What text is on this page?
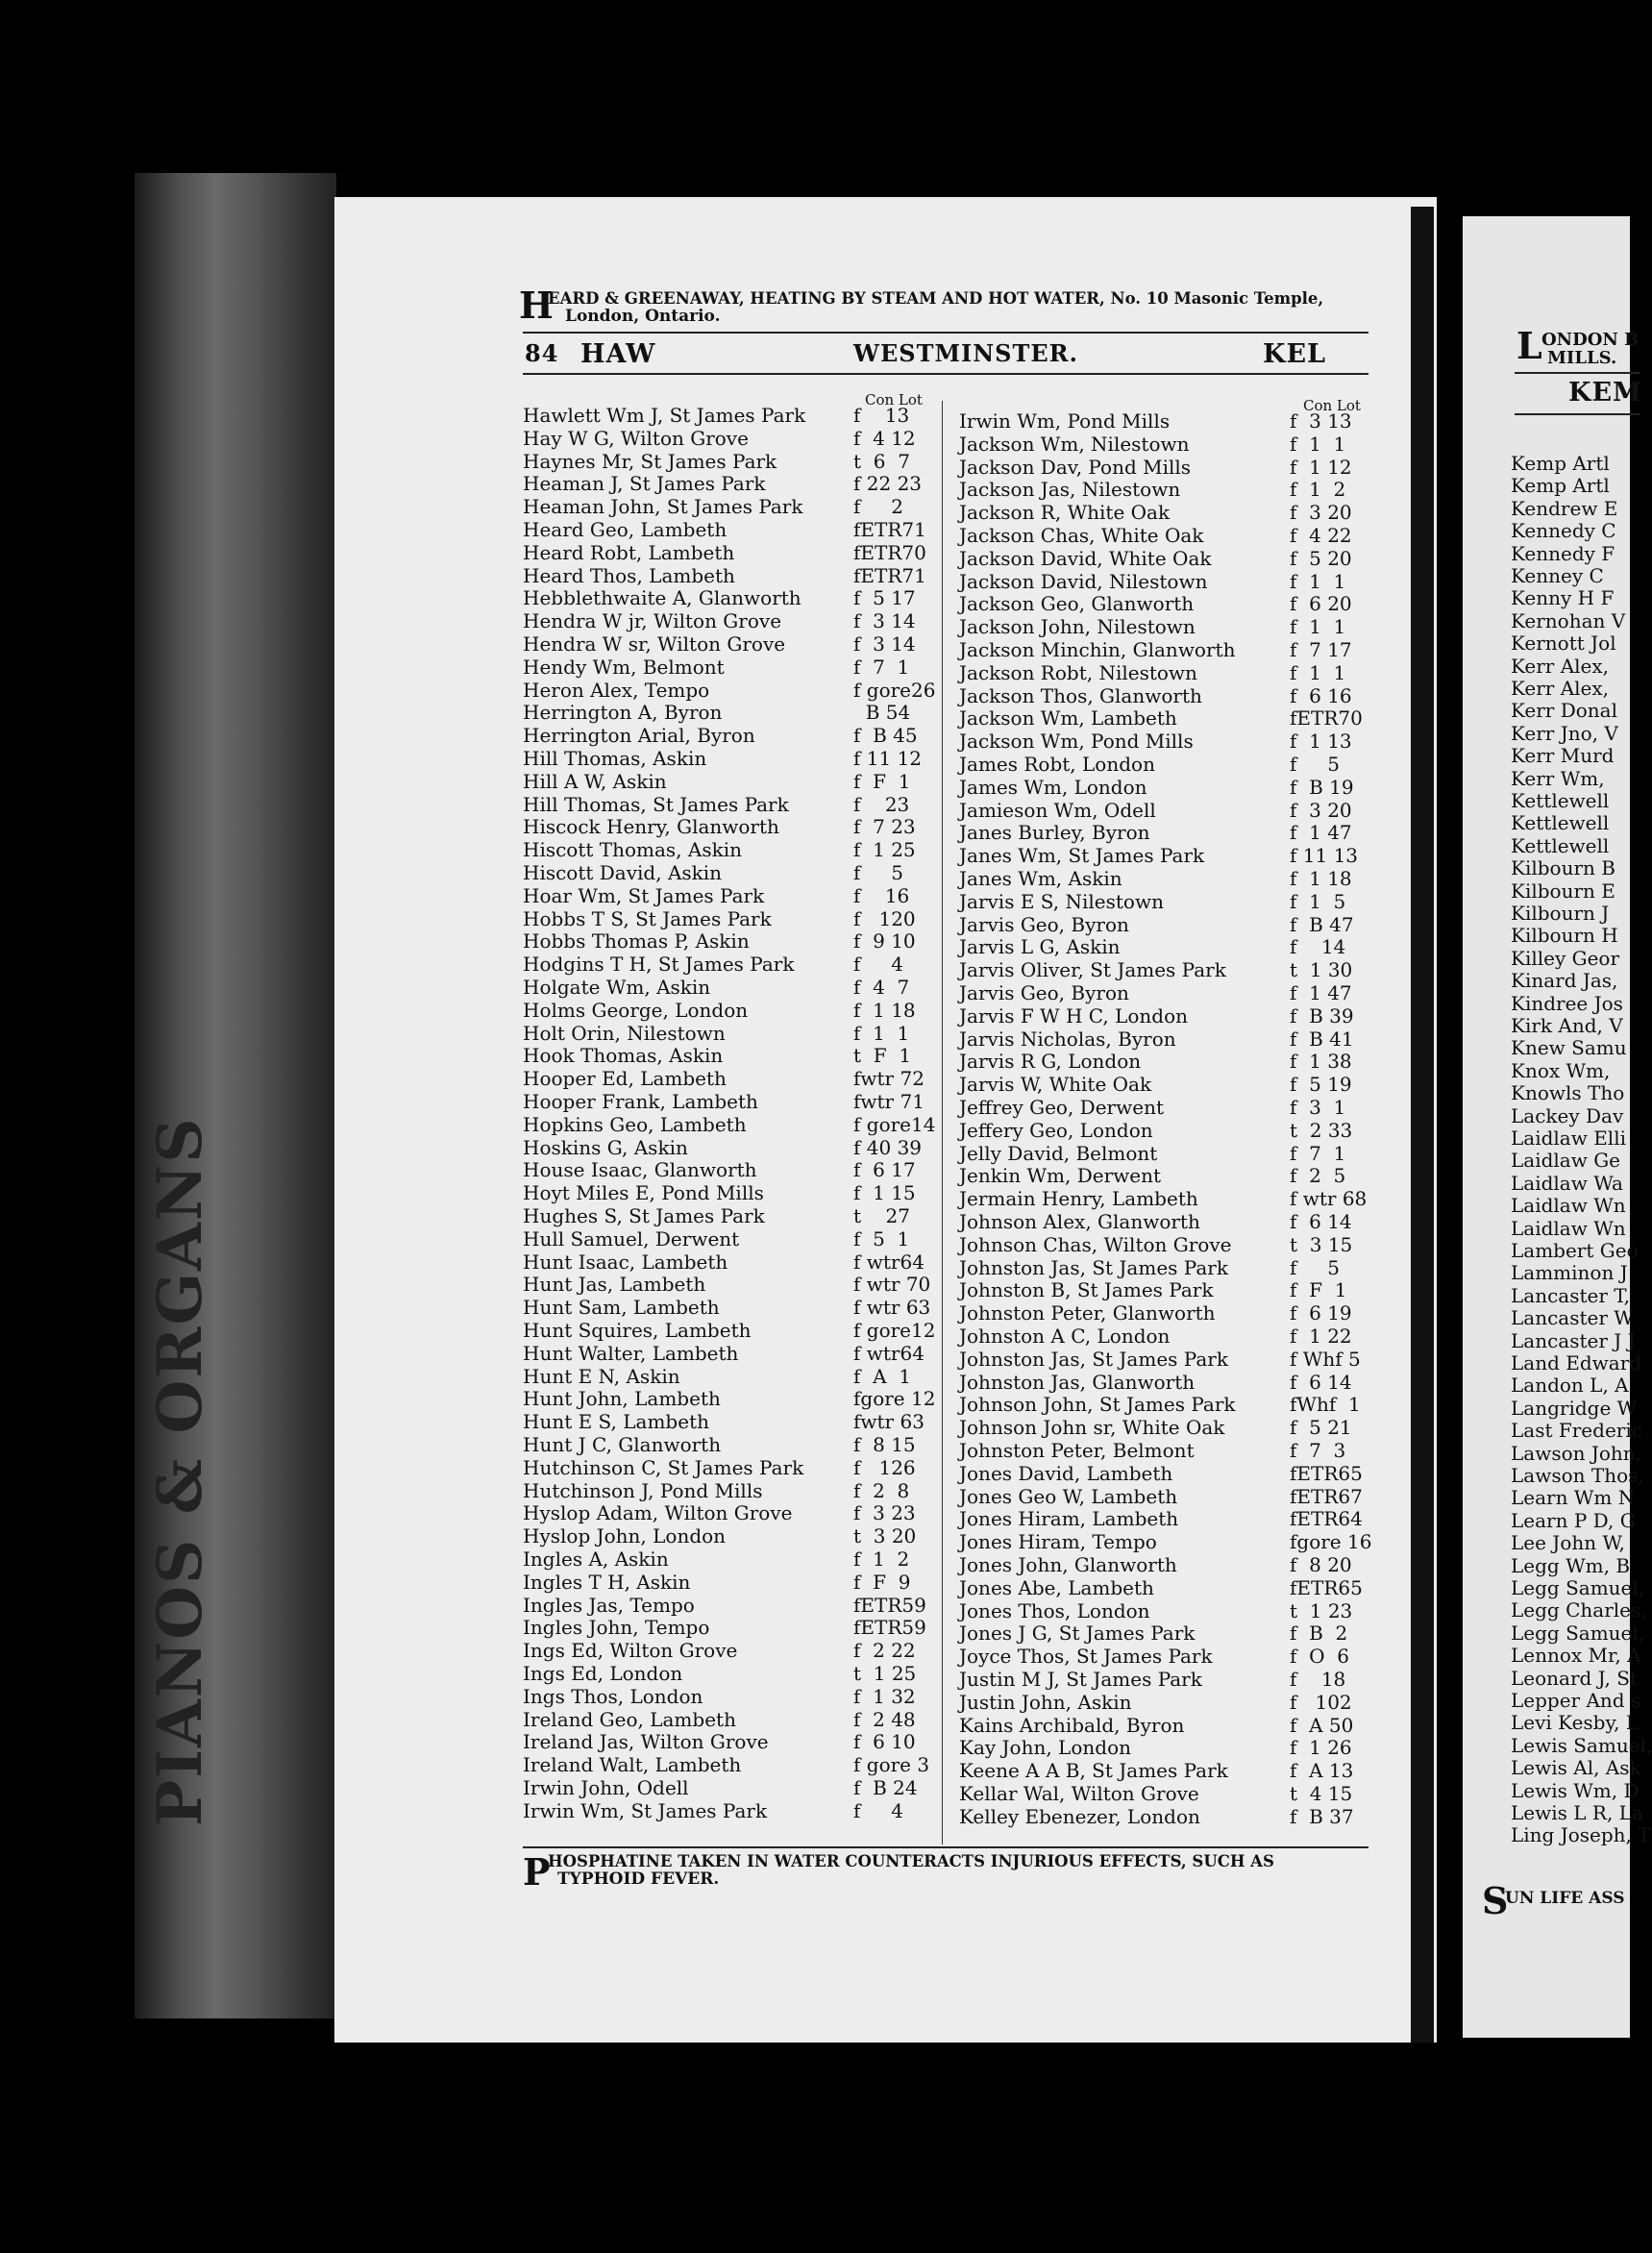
PIANOS & ORGANS
H
EARD & GREENAWAY, HEATING BY STEAM AND HOT WATER, No. 10 Masonic Temple,
London, Ontario.
84 HAW	WESTMINSTER.	KEL
Con Lot	Con Lot
Hawlett Wm J, St James Park f    13
Hay W G, Wilton Grove	f  4 12
Haynes Mr, St James Park	t  6  7
Heaman J, St James Park	f 22 23
Heaman John, St James Park	f     2
Heard Geo, Lambeth	fETR71
Heard Robt, Lambeth	fETR70
Heard Thos, Lambeth	fETR71
Hebblethwaite A, Glanworth	f  5 17
Hendra W jr, Wilton Grove	f  3 14
Hendra W sr, Wilton Grove	f  3 14
Hendy Wm, Belmont	f  7  1
Heron Alex, Tempo	f gore26
Herrington A, Byron	B 54
Herrington Arial, Byron	f  B 45
Hill Thomas, Askin	f 11 12
Hill A W, Askin	f  F  1
Hill Thomas, St James Park	f    23
Hiscock Henry, Glanworth	f  7 23
Hiscott Thomas, Askin	f  1 25
Hiscott David, Askin	f     5
Hoar Wm, St James Park	f    16
Hobbs T S, St James Park	f   120
Hobbs Thomas P, Askin	f  9 10
Hodgins T H, St James Park	f     4
Holgate Wm, Askin	f  4  7
Holms George, London	f  1 18
Holt Orin, Nilestown	f  1  1
Hook Thomas, Askin	t  F  1
Hooper Ed, Lambeth	fwtr 72
Hooper Frank, Lambeth	fwtr 71
Hopkins Geo, Lambeth	f gore14
Hoskins G, Askin	f 40 39
House Isaac, Glanworth	f  6 17
Hoyt Miles E, Pond Mills	f  1 15
Hughes S, St James Park	t    27
Hull Samuel, Derwent	f  5  1
Hunt Isaac, Lambeth	f wtr64
Hunt Jas, Lambeth	f wtr 70
Hunt Sam, Lambeth	f wtr 63
Hunt Squires, Lambeth	f gore12
Hunt Walter, Lambeth	f wtr64
Hunt E N, Askin	f  A  1
Hunt John, Lambeth	fgore 12
Hunt E S, Lambeth	fwtr 63
Hunt J C, Glanworth	f  8 15
Hutchinson C, St James Park	f   126
Hutchinson J, Pond Mills	f  2  8
Hyslop Adam, Wilton Grove	f  3 23
Hyslop John, London	t  3 20
Ingles A, Askin	f  1  2
Ingles T H, Askin	f  F  9
Ingles Jas, Tempo	fETR59
Ingles John, Tempo	fETR59
Ings Ed, Wilton Grove	f  2 22
Ings Ed, London	t  1 25
Ings Thos, London	f  1 32
Ireland Geo, Lambeth	f  2 48
Ireland Jas, Wilton Grove	f  6 10
Ireland Walt, Lambeth	f gore 3
Irwin John, Odell	f  B 24
Irwin Wm, St James Park	f     4
Irwin Wm, Pond Mills	f  3 13
Jackson Wm, Nilestown	f  1  1
Jackson Dav, Pond Mills	f  1 12
Jackson Jas, Nilestown	f  1  2
Jackson R, White Oak	f  3 20
Jackson Chas, White Oak	f  4 22
Jackson David, White Oak	f  5 20
Jackson David, Nilestown	f  1  1
Jackson Geo, Glanworth	f  6 20
Jackson John, Nilestown	f  1  1
Jackson Minchin, Glanworth	f  7 17
Jackson Robt, Nilestown	f  1  1
Jackson Thos, Glanworth	f  6 16
Jackson Wm, Lambeth	fETR70
Jackson Wm, Pond Mills	f  1 13
James Robt, London	f     5
James Wm, London	f  B 19
Jamieson Wm, Odell	f  3 20
Janes Burley, Byron	f  1 47
Janes Wm, St James Park	f 11 13
Janes Wm, Askin	f  1 18
Jarvis E S, Nilestown	f  1  5
Jarvis Geo, Byron	f  B 47
Jarvis L G, Askin	f    14
Jarvis Oliver, St James Park	t  1 30
Jarvis Geo, Byron	f  1 47
Jarvis F W H C, London	f  B 39
Jarvis Nicholas, Byron	f  B 41
Jarvis R G, London	f  1 38
Jarvis W, White Oak	f  5 19
Jeffrey Geo, Derwent	f  3  1
Jeffery Geo, London	t  2 33
Jelly David, Belmont	f  7  1
Jenkin Wm, Derwent	f  2  5
Jermain Henry, Lambeth	f wtr 68
Johnson Alex, Glanworth	f  6 14
Johnson Chas, Wilton Grove	t  3 15
Johnston Jas, St James Park	f     5
Johnston B, St James Park	f  F  1
Johnston Peter, Glanworth	f  6 19
Johnston A C, London	f  1 22
Johnston Jas, St James Park	f Whf 5
Johnston Jas, Glanworth	f  6 14
Johnson John, St James Park	fWhf  1
Johnson John sr, White Oak	f  5 21
Johnston Peter, Belmont	f  7  3
Jones David, Lambeth	fETR65
Jones Geo W, Lambeth	fETR67
Jones Hiram, Lambeth	fETR64
Jones Hiram, Tempo	fgore 16
Jones John, Glanworth	f  8 20
Jones Abe, Lambeth	fETR65
Jones Thos, London	t  1 23
Jones J G, St James Park	f  B  2
Joyce Thos, St James Park	f  O  6
Justin M J, St James Park	f    18
Justin John, Askin	f   102
Kains Archibald, Byron	f  A 50
Kay John, London	f  1 26
Keene A A B, St James Park	f  A 13
Kellar Wal, Wilton Grove	t  4 15
Kelley Ebenezer, London	f  B 37
P
HOSPHATINE TAKEN IN WATER COUNTERACTS INJURIOUS EFFECTS, SUCH AS
TYPHOID FEVER.
L ONDON B
MILLS.
KEM
Kemp Artl
Kemp Artl
Kendrew E
Kennedy C
Kennedy F
Kenney C
Kenny H F
Kernohan V
Kernott Jol
Kerr Alex,
Kerr Alex,
Kerr Donal
Kerr Jno, V
Kerr Murd
Kerr Wm,
Kettlewell
Kettlewell
Kettlewell
Kilbourn B
Kilbourn E
Kilbourn J
Kilbourn H
Killey Geor
Kinard Jas,
Kindree Jos
Kirk And, V
Knew Samu
Knox Wm,
Knowls Tho
Lackey Dav
Laidlaw Elli
Laidlaw Ge
Laidlaw Wa
Laidlaw Wn
Laidlaw Wn
Lambert Geo
Lamminon J
Lancaster T,
Lancaster W
Lancaster J J
Land Edward
Landon L, A
Langridge W
Last Frederic
Lawson John,
Lawson Thos,
Learn Wm N
Learn P D, G
Lee John W,
Legg Wm, B
Legg Samuel,
Legg Charles,
Legg Samuel,
Lennox Mr, A
Leonard J, St
Lepper And s
Levi Kesby, L
Lewis Samuel,
Lewis Al, Ask
Lewis Wm, D
Lewis L R, La
Ling Joseph, T
S
UN LIFE ASS
